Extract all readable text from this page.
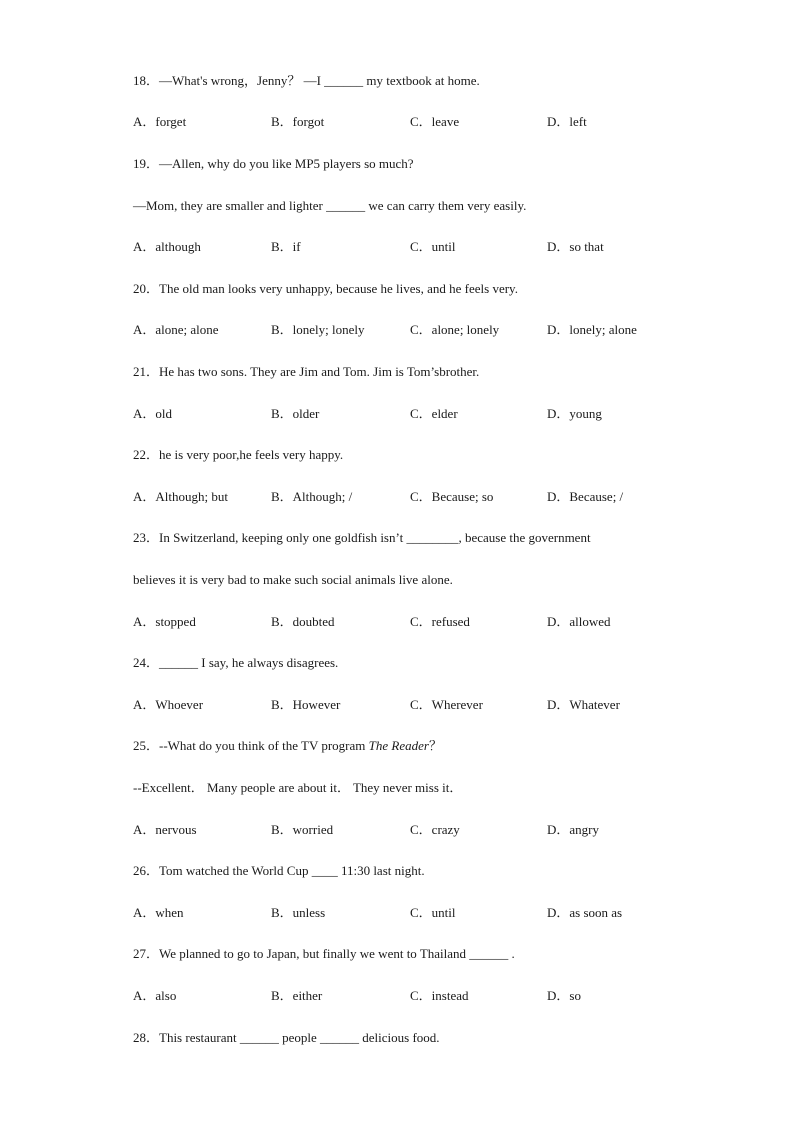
18．—What's wrong，Jenny？ —I ______ my textbook at home.
A．forget	B．forgot	C．leave	D．left
19．—Allen, why do you like MP5 players so much?
—Mom, they are smaller and lighter ______ we can carry them very easily.
A．although	B．if	C．until	D．so that
20．The old man looks very unhappy, because he lives, and he feels very.
A．alone; alone	B．lonely; lonely	C．alone; lonely	D．lonely; alone
21．He has two sons. They are Jim and Tom. Jim is Tom’sbrother.
A．old	B．older	C．elder	D．young
22．he is very poor,he feels very happy.
A．Although; but	B．Although; /	C．Because; so	D．Because; /
23．In Switzerland, keeping only one goldfish isn’t ________, because the government
believes it is very bad to make such social animals live alone.
A．stopped	B．doubted	C．refused	D．allowed
24．______ I say, he always disagrees.
A．Whoever	B．However	C．Wherever	D．Whatever
25．--What do you think of the TV program The Reader？
--Excellent． Many people are about it． They never miss it．
A．nervous	B．worried	C．crazy	D．angry
26．Tom watched the World Cup ____ 11:30 last night.
A．when	B．unless	C．until	D．as soon as
27．We planned to go to Japan, but finally we went to Thailand ______ .
A．also	B．either	C．instead	D．so
28．This restaurant ______ people ______ delicious food.
